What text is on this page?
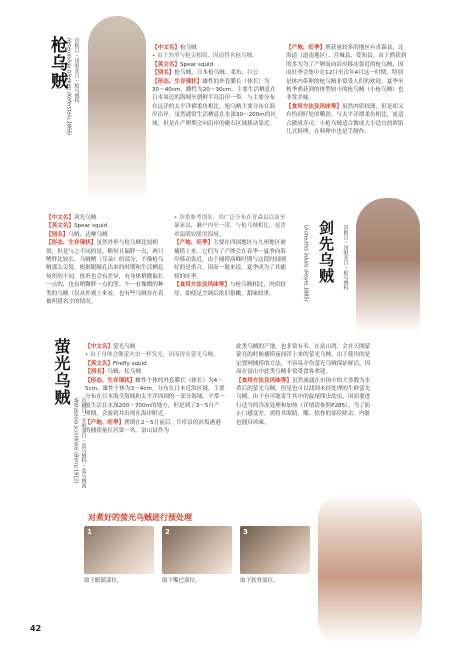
枪乌贼	管鱿目・闭眼亚目・枪乌贼科
Heterololigo bleekeri (Keferstein,1866)	【中文名】枪乌贼

• 由于外形与枪尖相似，因而得名枪乌贼。

【英文名】Spear squid

【别名】枪乌贼、日本枪乌贼、柔鱼、巨公

【形态、生存现状】雄性的外套膜长（体长）为30～40cm，雌性为20～30cm。主要生活栖息在日本周边的海域至朝鲜半岛沿岸一带。与主要分布在远洋的太平洋褶柔鱼相比，枪乌贼主要分布在海岸沿岸。虽然通常生活栖息在水深30～200m的区域，但是在产卵期会向沿岸的礁石区域移动靠近。

【产地、旺季】渔获量较多的地区有青森县、北海道（道南地区）、宫城县、爱知县。由于渔获到的多为为了产卵而向沿岸移动靠近的枪乌贼，因而旺季会集中在12月至次年4月这一时期，特别是体内带卵的枪乌贼非常受人们的欢迎。夏季至秋季渔获到的体型较小的枪乌贼（小枪乌贼）也非常美味。

【食用方法及风味等】虽然肉质较薄，但是却又有恰到好处的嚼劲。与太平洋褶柔鱼相比，更适合做成寿司。小枪乌贼适合做成大小适宜的填馅儿式料理，在料理中也是手制作。

剑先乌贼	管鱿目・闭眼亚目・枪乌贼科
Uroteuthis edulis (Hoyle,1885)

【中文名】剑先乌贼

【英文名】Spear squid

【别名】乌贼、达摩乌贼

【形态、生存现状】虽然外形与枪乌贼比较相似，但是与之不同的是，略短且偏胖一点，两只鳍胖比较长，乌贼鳍（耳朵）的部分，不像枪乌贼那么尖锐。根据眼瞳孔出来的时期和生活栖息场所的不同，体形也会有差异，有身体稍微偏长一点的，也有稍微胖一点的等。乍一看像微的种类的乌贼（仅从外观上来看，也有些乌贼存在着被叫错名字的情况。

• 涉猎参考别名，其广泛分布在青森县以南至暴家县，濑户内至一带，与枪乌贼相比，更喜欢温暖较暖的海域。

【产地、旺季】主要在四国地区与九州地区被捕捞上来。它们为了产卵会在春季～夏季向海岸移动靠近，由于捕捞高峰时期与这段时间刚好的是重合，因而一般来说，夏季成为了其捕捞的旺季。

【食用方法及风味等】与枪乌贼相比，肉质较厚，即使是烹调后依旧很嫩，甜味较重。

萤光乌贼
管鱿目・开眼亚目・萤乌贼科・萤乌贼属
Watasenia scintillans (Berry,1911)

【中文名】萤光乌贼

• 由于身体会像萤火虫一样发光，因而得名萤光乌贼。

【英文名】Firefly squid

【别名】乌贼、松乌贼

【形态、生存现状】雌性个体的外套膜长（体长）为4～5cm，雄性个体为3～4cm。分布在日本近海区域，主要分布在日本海全海域和太平洋周围的一部分海域。平常一般生活在水深200～700m的地方，但是到了3～5月产卵期，会游到并出现在海岸附近。

【产地、旺季】渔期在2～5月前后。兵库县的滨坂港港的捕获量位居第一名。富山县作为

此类乌贼的产地，也非常有名。在富山湾，会在天刚蒙蒙亮的时候捕捞夜间浮上来的萤光乌贼。由于使用的是定置网捕捞的方法，不容易弄伤萤光乌贼保证鲜活，因而在富山中此类乌贼非常受食客欢迎。

【食用方法及风味等】虽然流通在市场中的大多数为水煮后的萤光乌贼，但是也可以找到未经处理的生鲜萤光乌贼。由于有可能寄生其中的旋尾线虫幼虫，因而要进行适当的冷冻处理和加热（详情请参照P285）。为了防止口感变差，需将其眼睛、嘴、软骨的部位除去。内脏也拥具风味。

对煮好的萤光乌贼进行预处理
1
取下眼睛部位。
2
取下嘴巴部位。
3
取下软骨部位。
42
